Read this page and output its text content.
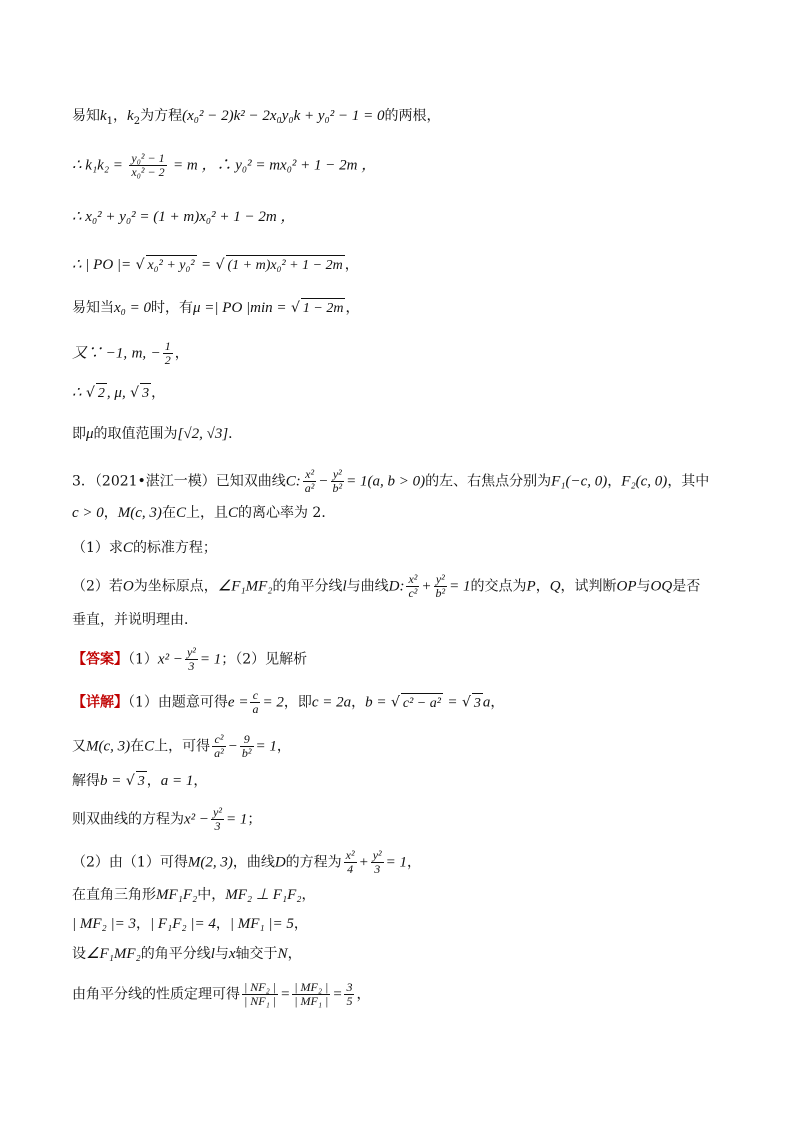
易知$k_1$，$k_2$为方程(x₀² − 2)k² − 2x₀y₀k + y₀² − 1 = 0的两根，
∴ $k_1k_2 = \frac{\text{y₀² − 1}}{\text{x₀² − 2}} = m$ ，∴ y₀² = mx₀² + 1 − 2m ，
∴ x₀² + y₀² = (1 + m)x₀² + 1 − 2m ，
∴ | PO |= √ x₀² + y₀² = √ (1 + m)x₀² + 1 − 2m ，
易知当x₀ = 0时，有μ =| PO |min = √ 1 − 2m ，
又∵ −1, m, − $\frac{1}{2}$ ，
∴ √ 2 , μ, √ 3 ，
即μ的取值范围为[√2, √3]．
3．（2021•湛江一模）已知双曲线C: $\frac{\text{x²}}{\text{a²}} - \frac{\text{y²}}{\text{b²}} = 1(a$, b > 0)的左、右焦点分别为F₁(−c, 0)，F₂(c, 0)，其中
c > 0，M(c, 3)在C上，且C的离心率为 2．
（1）求C的标准方程；
（2）若O为坐标原点，∠F₁MF₂的角平分线l与曲线D: $\frac{\text{x²}}{\text{c²}} + \frac{\text{y²}}{\text{b²}} = 1$的交点为P，Q，试判断OP与OQ是否
垂直，并说明理由．
【答案】$(1)x^2 - \frac{\text{y²}}{3} = 1$；（2）见解析
【详解】（1）由题意可得$e = \frac{c}{a} = 2$，即c = 2a，b = √ c² − a² = √ 3 a，
又M(c, 3)在C上，可得 $\frac{\text{c²}}{\text{a²}} - \frac{9}{\text{b²}} = 1$，
解得b = √ 3 ，a = 1，
则双曲线的方程为$x^2 - \frac{\text{y²}}{3} = 1$；
（2）由（1）可得M(2, 3)，曲线D的方程为 $\frac{\text{x²}}{4} + \frac{\text{y²}}{3} = 1$，
在直角三角形MF₁F₂中，MF₂ ⊥ F₁F₂，
| MF₂ |= 3，| F₁F₂ |= 4，| MF₁ |= 5，
设∠F₁MF₂的角平分线l与x轴交于N，
由角平分线的性质定理可得 $\frac{\text{| NF₂ |}}{\text{| NF₁ |}} = \frac{\text{| MF₂ |}}{\text{| MF₁ |}} = \frac{3}{5}$ ，
